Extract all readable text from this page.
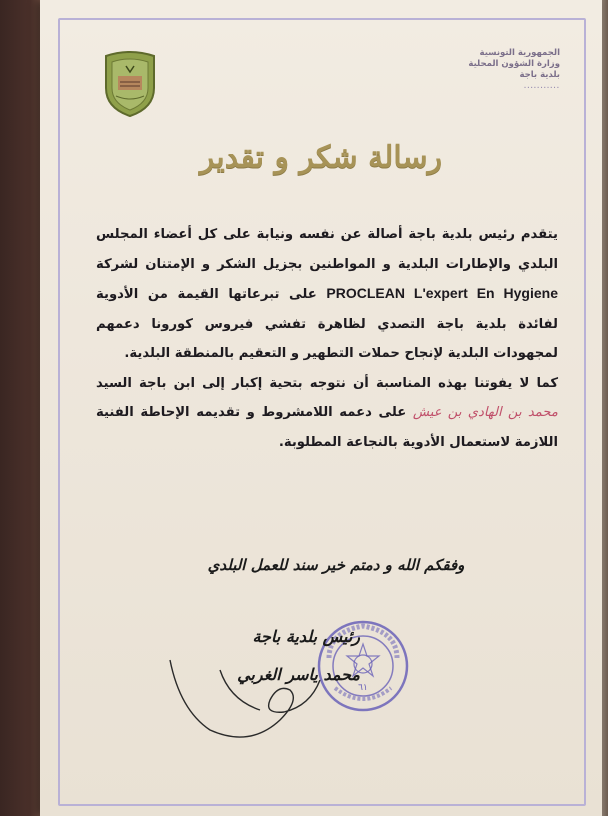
الجمهورية التونسية
وزارة الشؤون المحلية
بلدية باجة
...........
رسالة شكر و تقدير

يتقدم رئيس بلدية باجة أصالة عن نفسه ونيابة على كل أعضاء المجلس البلدي والإطارات البلدية و المواطنين بجزيل الشكر و الإمتنان لشركة PROCLEAN L'expert En Hygiene على تبرعاتها القيمة من الأدوية لفائدة بلدية باجة التصدي لظاهرة تفشي فيروس كورونا دعمهم لمجهودات البلدية لإنجاح حملات التطهير و التعقيم بالمنطقة البلدية.

كما لا يفوتنا بهذه المناسبة أن نتوجه بتحية إكبار إلى ابن باجة السيد محمد بن الهادي بن عيش على دعمه اللامشروط و تقديمه الإحاطة الفنية اللازمة لاستعمال الأدوية بالنجاعة المطلوبة.

وفقكم الله و دمتم خير سند للعمل البلدي
٦١
رئيس بلدية باجة
محمد ياسر الغربي
